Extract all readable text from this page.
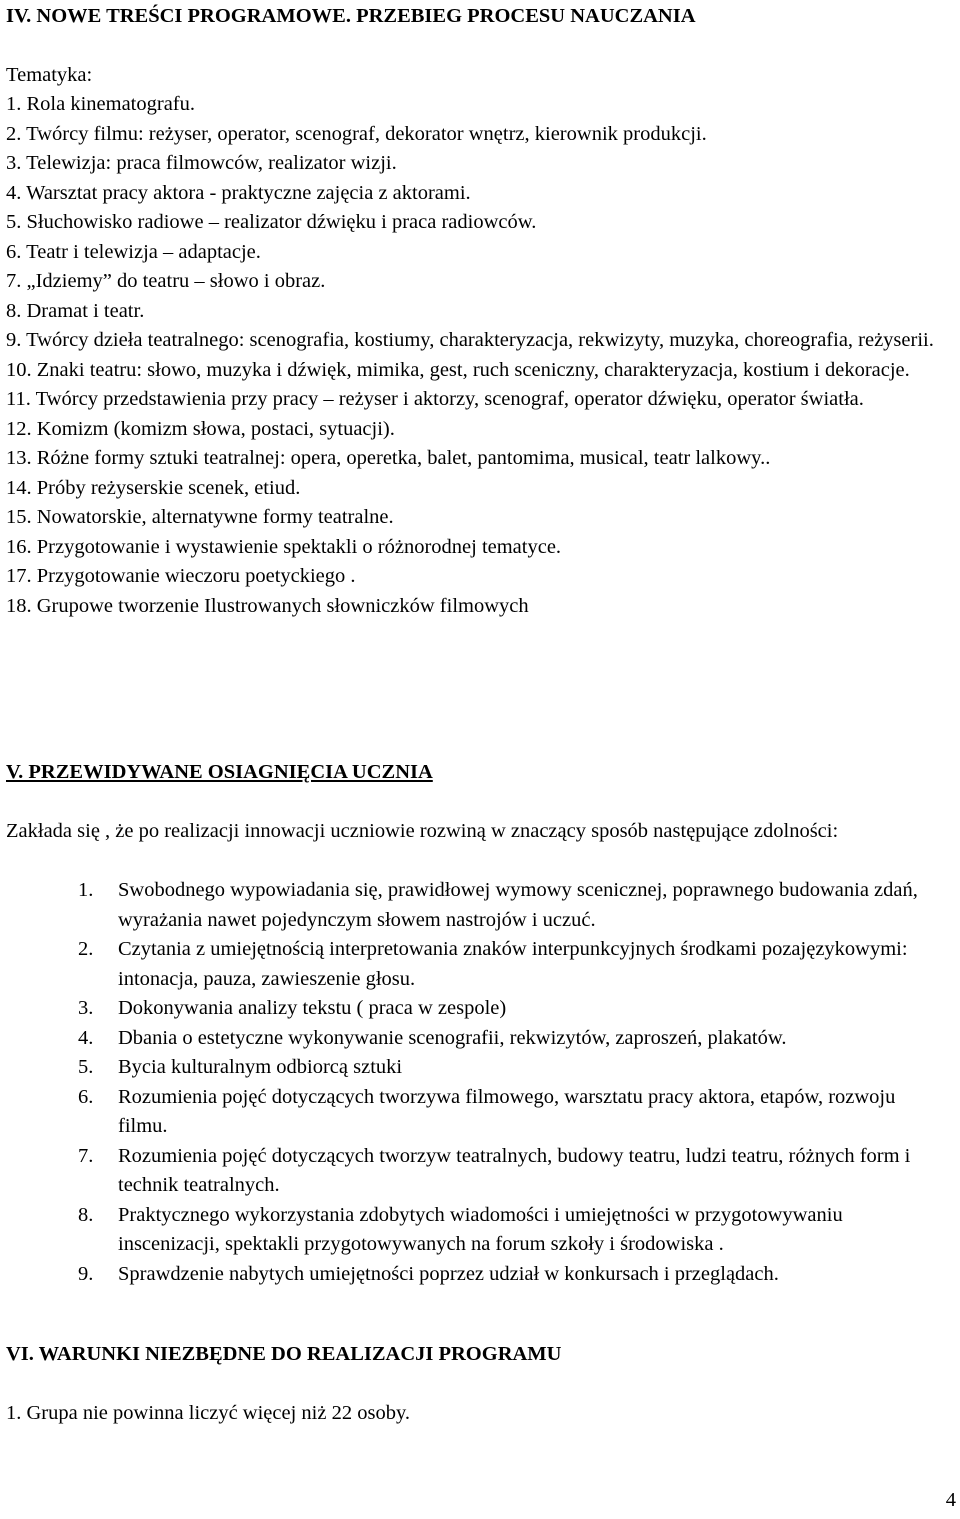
IV. NOWE TREŚCI PROGRAMOWE. PRZEBIEG PROCESU NAUCZANIA
Tematyka:
1. Rola kinematografu.
2. Twórcy filmu: reżyser, operator, scenograf, dekorator wnętrz, kierownik produkcji.
3. Telewizja: praca filmowców, realizator wizji.
4. Warsztat pracy aktora - praktyczne zajęcia z aktorami.
5. Słuchowisko radiowe – realizator dźwięku i praca radiowców.
6. Teatr i telewizja – adaptacje.
7. „Idziemy” do teatru – słowo i obraz.
8. Dramat i teatr.
9. Twórcy dzieła teatralnego: scenografia, kostiumy, charakteryzacja, rekwizyty, muzyka, choreografia, reżyserii.
10. Znaki teatru: słowo, muzyka i dźwięk, mimika, gest, ruch sceniczny, charakteryzacja, kostium i dekoracje.
11. Twórcy przedstawienia przy pracy – reżyser i aktorzy, scenograf, operator dźwięku, operator światła.
12. Komizm (komizm słowa, postaci, sytuacji).
13. Różne formy sztuki teatralnej: opera, operetka, balet, pantomima, musical, teatr lalkowy..
14. Próby reżyserskie scenek, etiud.
15. Nowatorskie, alternatywne formy teatralne.
16. Przygotowanie i wystawienie spektakli o różnorodnej tematyce.
17. Przygotowanie wieczoru poetyckiego .
18. Grupowe tworzenie Ilustrowanych słowniczków filmowych
V. PRZEWIDYWANE OSIAGNIĘCIA UCZNIA
Zakłada się , że po realizacji innowacji uczniowie rozwiną w znaczący sposób następujące zdolności:
1.	Swobodnego wypowiadania się, prawidłowej wymowy scenicznej, poprawnego budowania zdań, wyrażania nawet pojedynczym słowem nastrojów i uczuć.
2.	Czytania z umiejętnością interpretowania znaków interpunkcyjnych środkami pozajęzykowymi: intonacja, pauza, zawieszenie głosu.
3.	Dokonywania analizy tekstu ( praca w zespole)
4.	Dbania o estetyczne wykonywanie scenografii, rekwizytów, zaproszeń, plakatów.
5.	Bycia kulturalnym odbiorcą sztuki
6.	Rozumienia pojęć dotyczących tworzywa filmowego, warsztatu pracy aktora, etapów, rozwoju filmu.
7.	Rozumienia pojęć dotyczących tworzyw teatralnych, budowy teatru, ludzi teatru, różnych form i technik teatralnych.
8.	Praktycznego wykorzystania zdobytych wiadomości i umiejętności w przygotowywaniu inscenizacji, spektakli przygotowywanych na forum szkoły i środowiska .
9.	Sprawdzenie nabytych umiejętności poprzez udział w konkursach i przeglądach.
VI. WARUNKI NIEZBĘDNE DO REALIZACJI PROGRAMU
1. Grupa nie powinna liczyć więcej niż 22 osoby.
4
